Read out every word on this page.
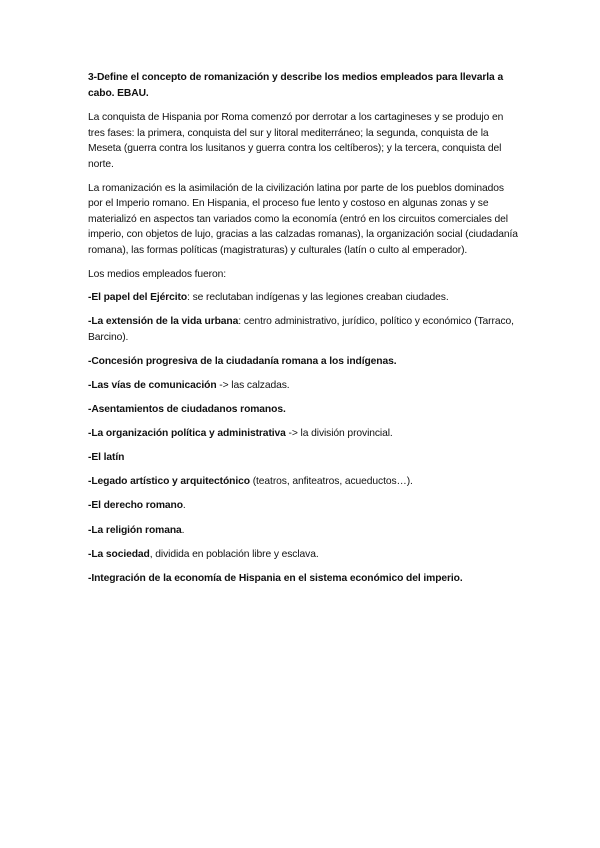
3-Define el concepto de romanización y describe los medios empleados para llevarla a cabo. EBAU.

La conquista de Hispania por Roma comenzó por derrotar a los cartagineses y se produjo en tres fases: la primera, conquista del sur y litoral mediterráneo; la segunda, conquista de la Meseta (guerra contra los lusitanos y guerra contra los celtíberos); y la tercera, conquista del norte.

La romanización es la asimilación de la civilización latina por parte de los pueblos dominados por el Imperio romano. En Hispania, el proceso fue lento y costoso en algunas zonas y se materializó en aspectos tan variados como la economía (entró en los circuitos comerciales del imperio, con objetos de lujo, gracias a las calzadas romanas), la organización social (ciudadanía romana), las formas políticas (magistraturas) y culturales (latín o culto al emperador).

Los medios empleados fueron:

-El papel del Ejército: se reclutaban indígenas y las legiones creaban ciudades.
-La extensión de la vida urbana: centro administrativo, jurídico, político y económico (Tarraco, Barcino).
-Concesión progresiva de la ciudadanía romana a los indígenas.
-Las vías de comunicación -> las calzadas.
-Asentamientos de ciudadanos romanos.
-La organización política y administrativa -> la división provincial.
-El latín
-Legado artístico y arquitectónico (teatros, anfiteatros, acueductos…).
-El derecho romano.
-La religión romana.
-La sociedad, dividida en población libre y esclava.
-Integración de la economía de Hispania en el sistema económico del imperio.
